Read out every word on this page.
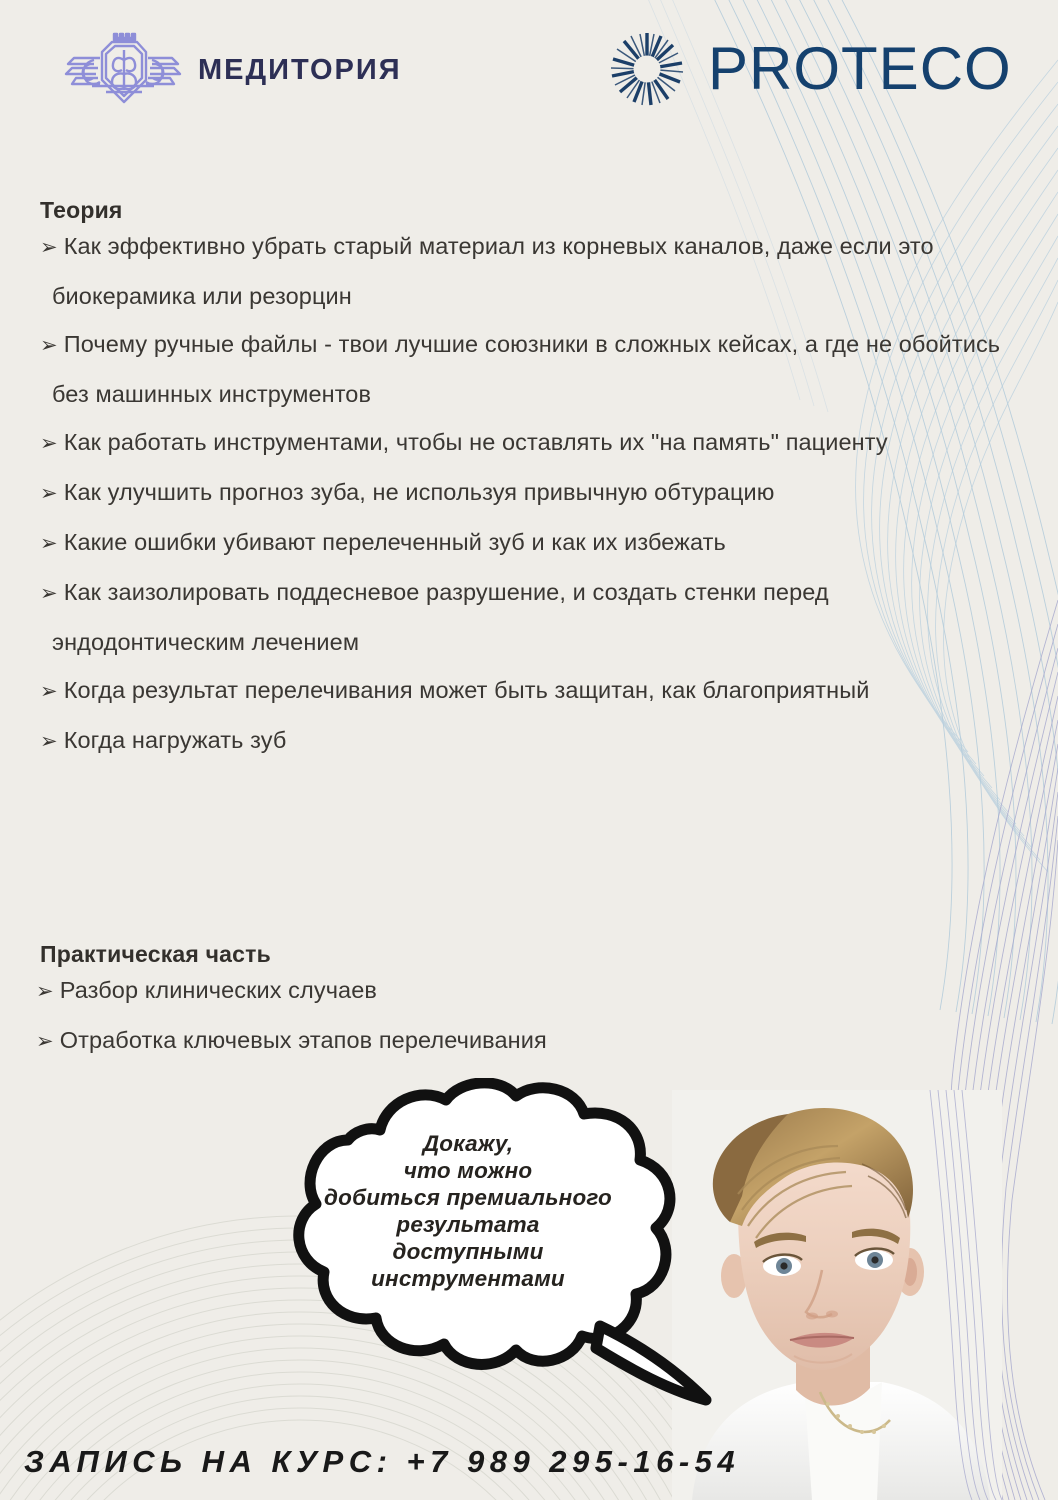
МЕДИТОРИЯ	PROTECO
Теория
➢ Как эффективно убрать старый материал из корневых каналов, даже если это биокерамика или резорцин
➢ Почему ручные файлы - твои лучшие союзники в сложных кейсах, а где не обойтись без машинных инструментов
➢ Как работать инструментами, чтобы не оставлять их "на память" пациенту
➢ Как улучшить прогноз зуба, не используя привычную обтурацию
➢ Какие ошибки убивают перелеченный зуб и как их избежать
➢ Как заизолировать поддесневое разрушение, и создать стенки перед эндодонтическим лечением
➢ Когда результат перелечивания может быть защитан, как благоприятный
➢ Когда нагружать зуб
Практическая часть
➢ Разбор клинических случаев
➢ Отработка ключевых этапов перелечивания
Докажу,
что можно
добиться премиального
результата
доступными
инструментами
ЗАПИСЬ НА КУРС: +7 989 295-16-54
